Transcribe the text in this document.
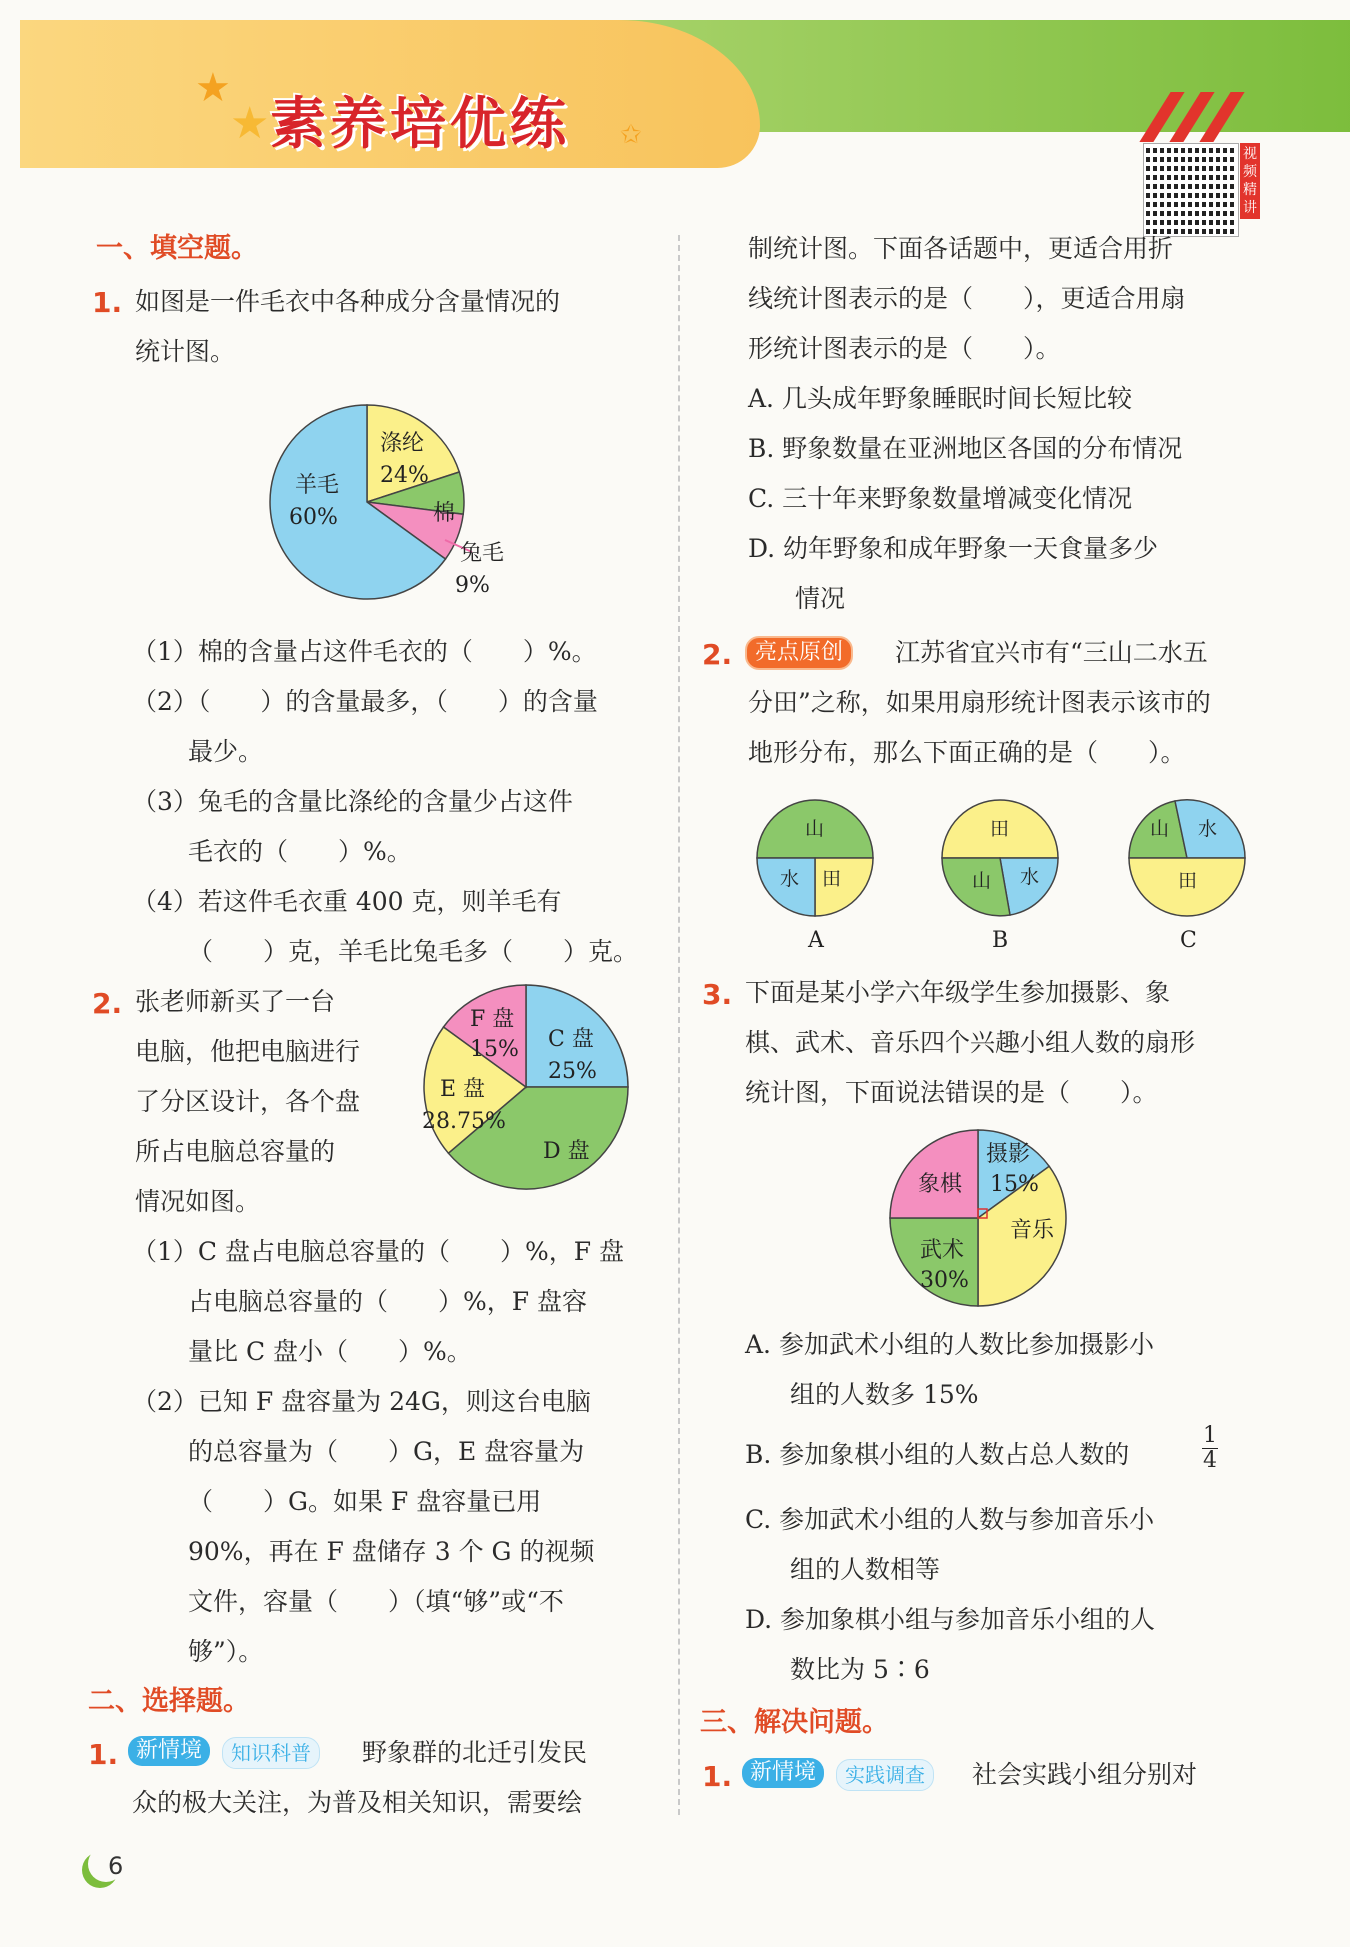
★
★	✩
素养培优练	视频精讲
一、填空题。
1. 如图是一件毛衣中各种成分含量情况的
统计图。
羊毛
60%
涤纶
24%
棉
兔毛
9%
（1）棉的含量占这件毛衣的（　　）%。
（2）（　　）的含量最多，（　　）的含量
最少。
（3）兔毛的含量比涤纶的含量少占这件
毛衣的（　　）%。
（4）若这件毛衣重 400 克，则羊毛有
（　　）克，羊毛比兔毛多（　　）克。
2. 张老师新买了一台
电脑，他把电脑进行
了分区设计，各个盘
所占电脑总容量的
情况如图。
F 盘
15% C 盘
25%
E 盘
28.75%
D 盘
（1）C 盘占电脑总容量的（　　）%，F 盘
占电脑总容量的（　　）%，F 盘容
量比 C 盘小（　　）%。
（2）已知 F 盘容量为 24G，则这台电脑
的总容量为（　　）G，E 盘容量为
（　　）G。如果 F 盘容量已用
90%，再在 F 盘储存 3 个 G 的视频
文件，容量（　　）（填“够”或“不
够”）。
二、选择题。
1. 新情境	知识科普	野象群的北迁引发民
众的极大关注，为普及相关知识，需要绘
6
制统计图。下面各话题中，更适合用折
线统计图表示的是（　　），更适合用扇
形统计图表示的是（　　）。
A. 几头成年野象睡眠时间长短比较
B. 野象数量在亚洲地区各国的分布情况
C. 三十年来野象数量增减变化情况
D. 幼年野象和成年野象一天食量多少
情况
2.	亮点原创	江苏省宜兴市有“三山二水五
分田”之称，如果用扇形统计图表示该市的
地形分布，那么下面正确的是（　　）。
山
水 田
A
田
山 水
B
山 水
田
C
3. 下面是某小学六年级学生参加摄影、象
棋、武术、音乐四个兴趣小组人数的扇形
统计图，下面说法错误的是（　　）。
摄影
15%
象棋
音乐
武术
30%
A. 参加武术小组的人数比参加摄影小
组的人数多 15%
B. 参加象棋小组的人数占总人数的
1
4
C. 参加武术小组的人数与参加音乐小
组的人数相等
D. 参加象棋小组与参加音乐小组的人
数比为 5∶6
三、解决问题。
1. 新情境	实践调查	社会实践小组分别对
